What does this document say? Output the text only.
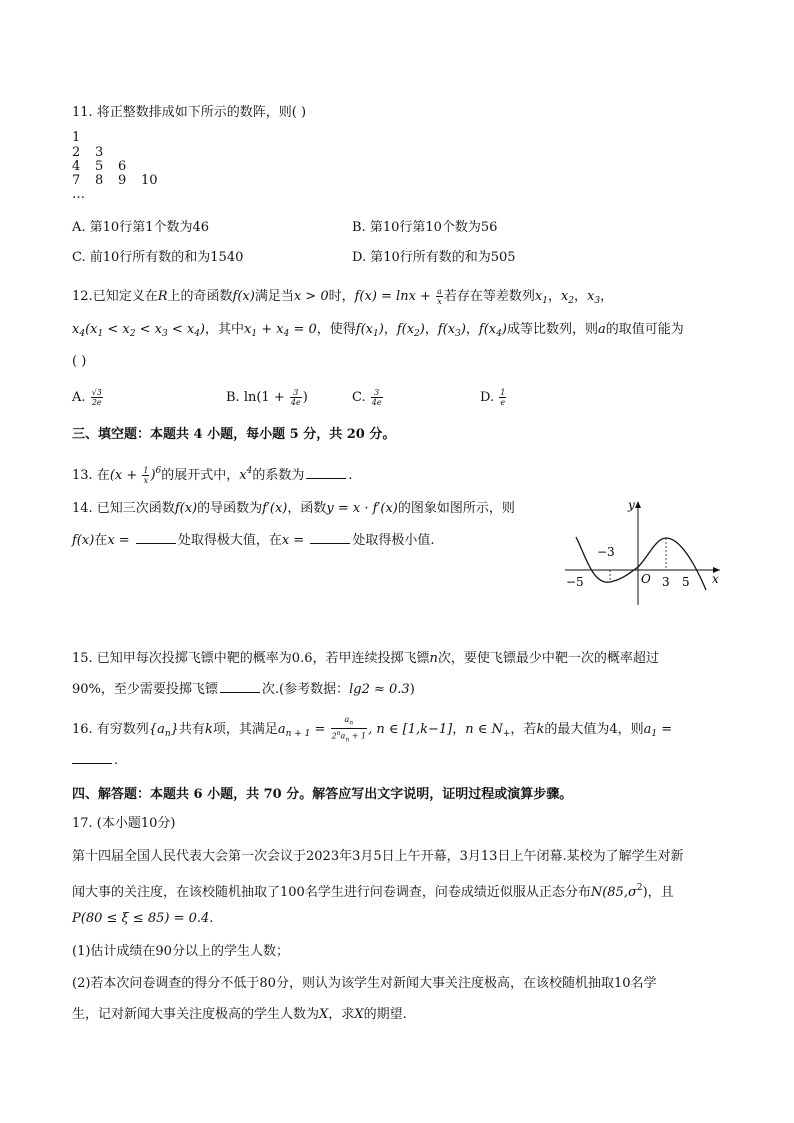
11. 将正整数排成如下所示的数阵，则( )
1
2 3
4 5 6
7 8 9 10
…
A. 第10行第1个数为46	B. 第10行第10个数为56
C. 前10行所有数的和为1540	D. 第10行所有数的和为505
12.已知定义在R上的奇函数f(x)满足当x > 0时，$f(x) = \ln x + \frac{a}{x}$ 若存在等差数列$x_1$，$x_2$，$x_3$，
$x_4(x_1 < x_2 < x_3 < x_4)$，其中$x_1 + x_4 = 0$，使得$f(x_1)$，$f(x_2)$，$f(x_3)$，$f(x_4)$成等比数列，则a的取值可能为
( )
A. $\frac{√3}{2e}$	B. $\ln(1 + \frac{3}{4e}$ )	C. $\frac{3}{4e}$	D. $\frac{1}{e}$
三、填空题：本题共 4 小题，每小题 5 分，共 20 分。
13. 在$(x + \frac{1}{x} )^6$的展开式中，$x^4$的系数为	.
14. 已知三次函数f(x)的导函数为f′(x)，函数y = x · f′(x)的图象如图所示，则
f(x)在x =	处取得极大值，在x =	处取得极小值.
y
x
O
−5
−3
3 5
15. 已知甲每次投掷飞镖中靶的概率为0.6，若甲连续投掷飞镖n次，要使飞镖最少中靶一次的概率超过
90%，至少需要投掷飞镖	次.(参考数据：lg2 ≈ 0.3)
16. 有穷数列$\{a_n\}$共有k项，其满足$a_{n + 1} = \frac{a_n}{2^na_n + 1}$ , n ∈ [1,k−1]，n ∈ $N_+$，若k的最大值为4，则$a_1$ =
.
四、解答题：本题共 6 小题，共 70 分。解答应写出文字说明，证明过程或演算步骤。
17. (本小题10分)
第十四届全国人民代表大会第一次会议于2023年3月5日上午开幕，3月13日上午闭幕.某校为了解学生对新
闻大事的关注度，在该校随机抽取了100名学生进行问卷调查，问卷成绩近似服从正态分布$N(85,\sigma^2)$，且
P(80 ≤ ξ ≤ 85) = 0.4.
(1)估计成绩在90分以上的学生人数；
(2)若本次问卷调查的得分不低于80分，则认为该学生对新闻大事关注度极高，在该校随机抽取10名学
生，记对新闻大事关注度极高的学生人数为X，求X的期望.
